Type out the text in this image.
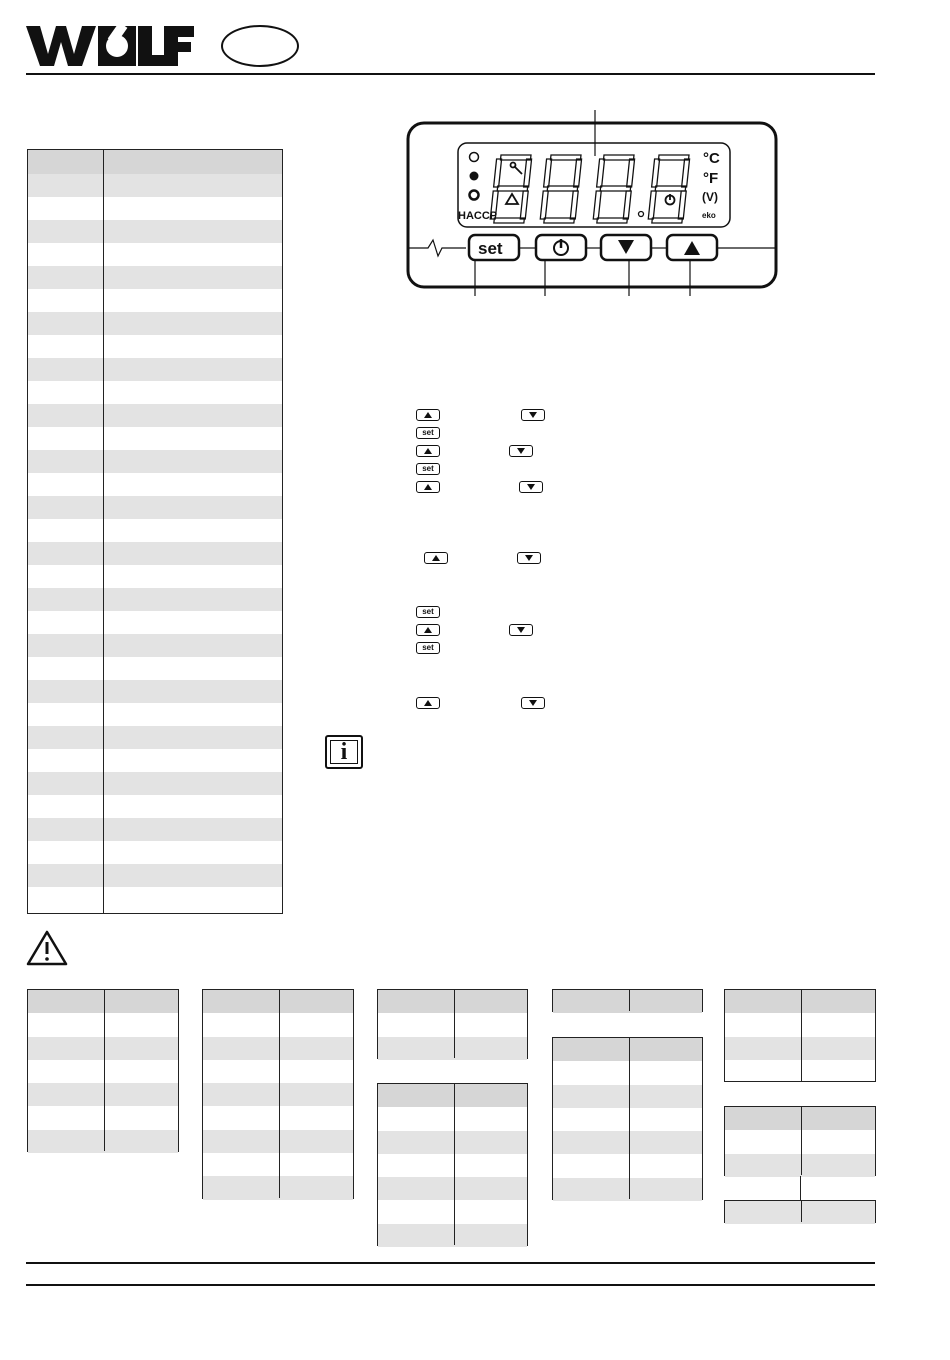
HACCP
°C
°F
(V)
eko
set
set
set
set
set
i
